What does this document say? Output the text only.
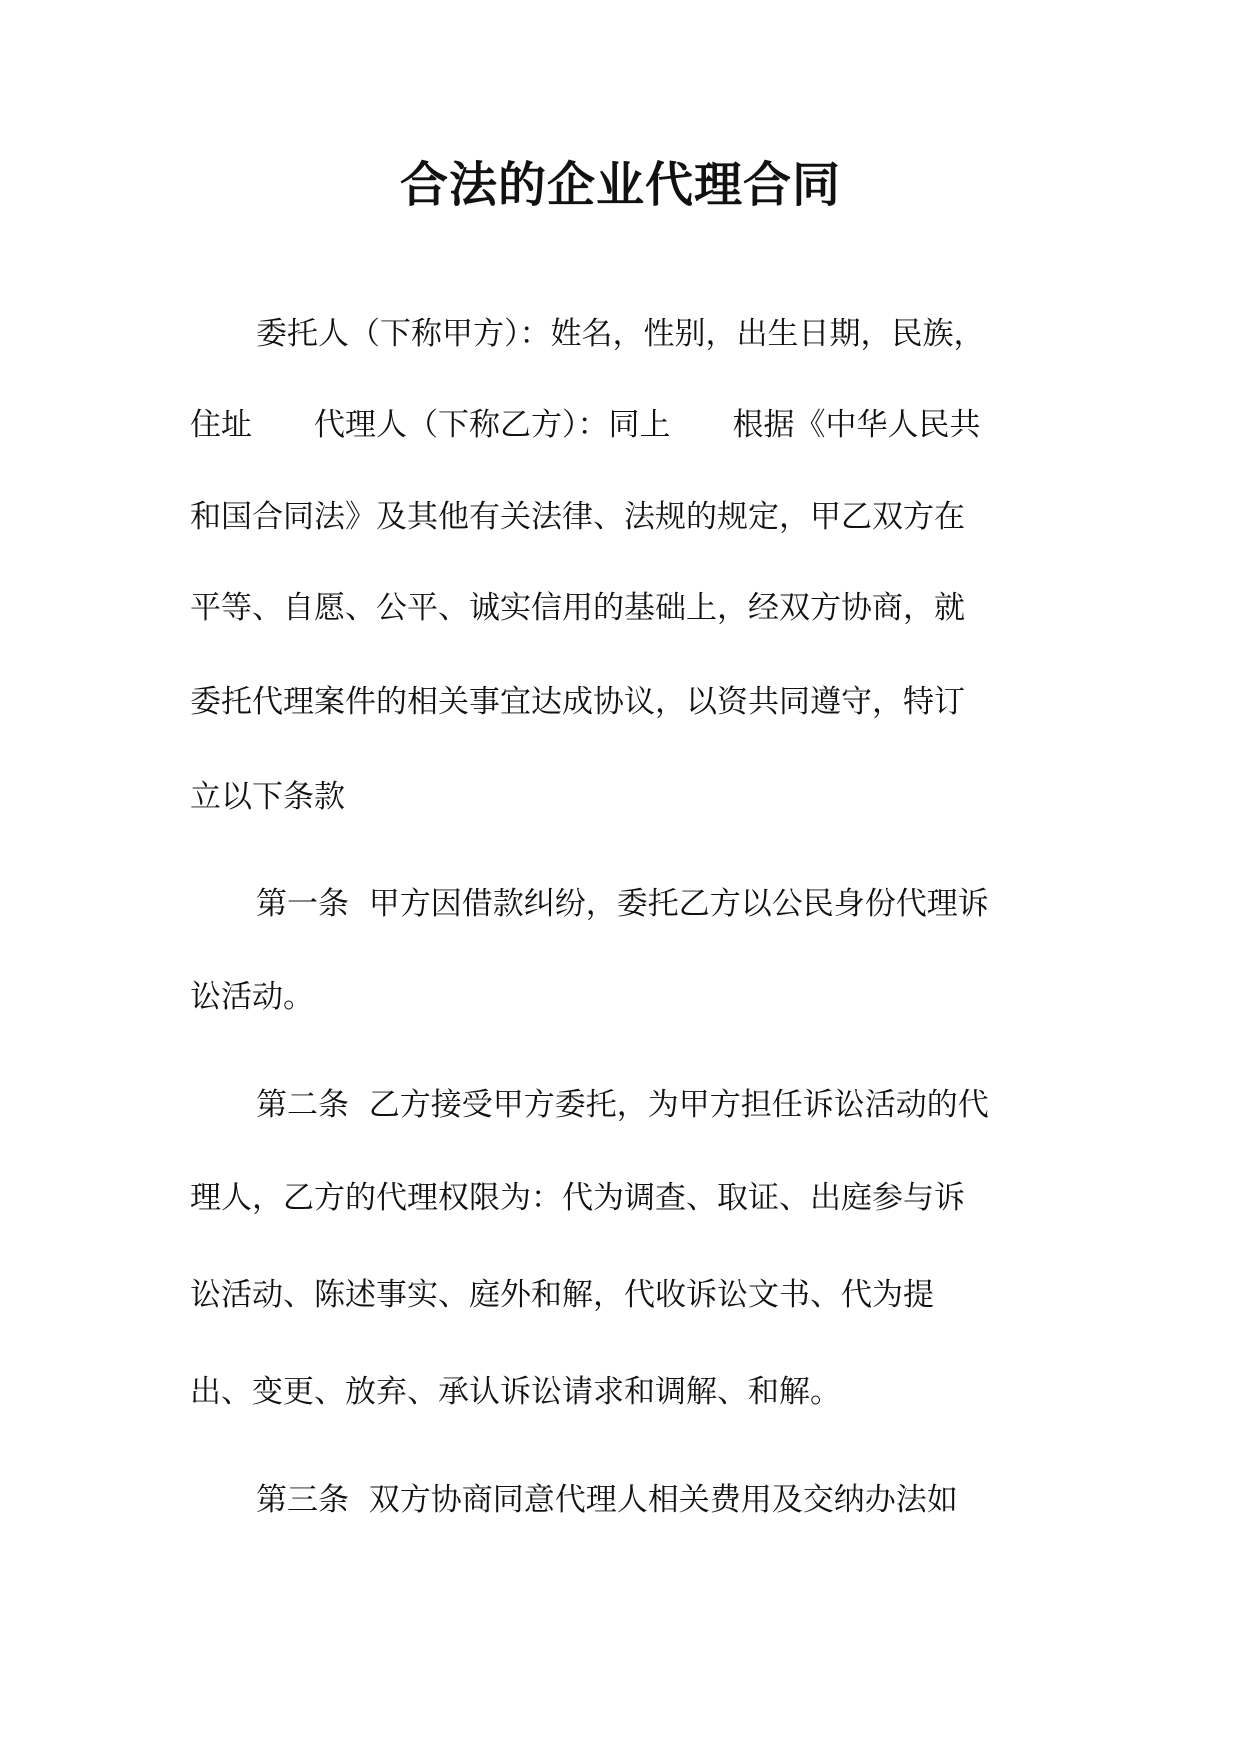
合法的企业代理合同
委托人（下称甲方）：姓名，性别，出生日期，民族，
住址　　代理人（下称乙方）：同上　　根据《中华人民共
和国合同法》及其他有关法律、法规的规定，甲乙双方在
平等、自愿、公平、诚实信用的基础上，经双方协商，就
委托代理案件的相关事宜达成协议，以资共同遵守，特订
立以下条款
第一条  甲方因借款纠纷，委托乙方以公民身份代理诉
讼活动。
第二条  乙方接受甲方委托，为甲方担任诉讼活动的代
理人，乙方的代理权限为：代为调查、取证、出庭参与诉
讼活动、陈述事实、庭外和解，代收诉讼文书、代为提
出、变更、放弃、承认诉讼请求和调解、和解。
第三条  双方协商同意代理人相关费用及交纳办法如
